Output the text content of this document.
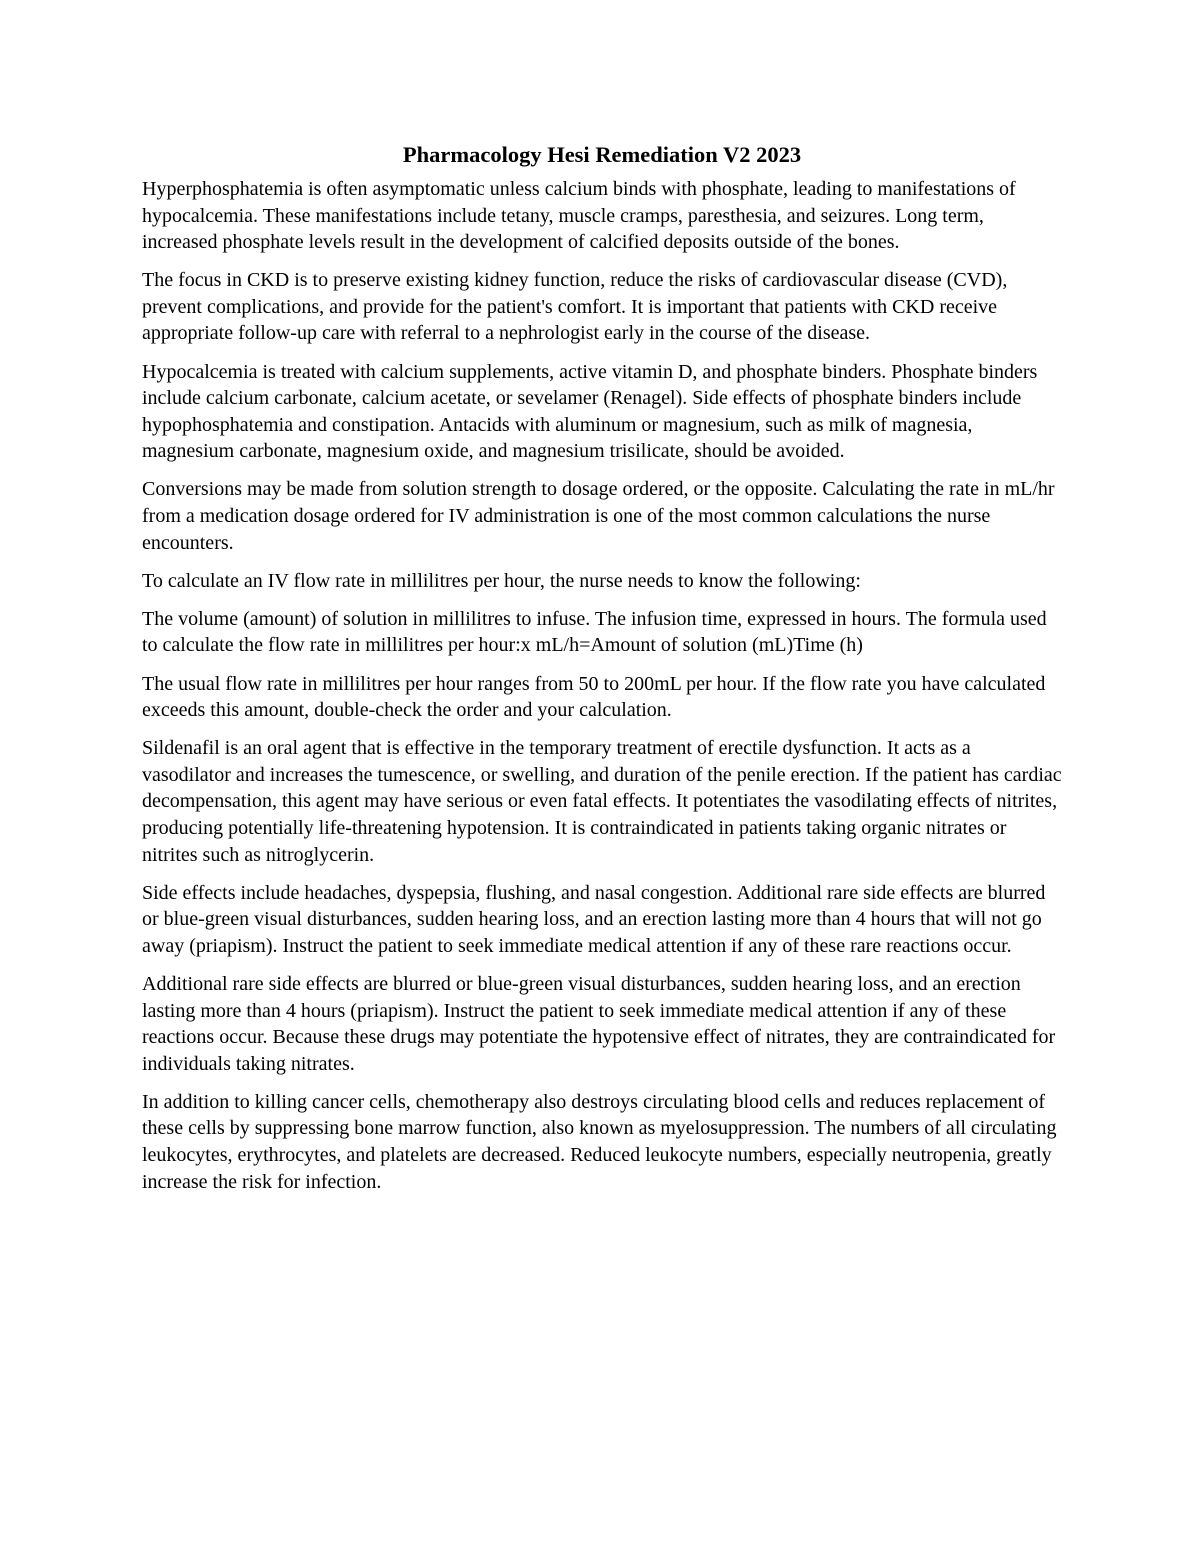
Pharmacology Hesi Remediation V2 2023

Hyperphosphatemia is often asymptomatic unless calcium binds with phosphate, leading to manifestations of hypocalcemia. These manifestations include tetany, muscle cramps, paresthesia, and seizures. Long term, increased phosphate levels result in the development of calcified deposits outside of the bones.

The focus in CKD is to preserve existing kidney function, reduce the risks of cardiovascular disease (CVD), prevent complications, and provide for the patient's comfort. It is important that patients with CKD receive appropriate follow-up care with referral to a nephrologist early in the course of the disease.

Hypocalcemia is treated with calcium supplements, active vitamin D, and phosphate binders. Phosphate binders include calcium carbonate, calcium acetate, or sevelamer (Renagel). Side effects of phosphate binders include hypophosphatemia and constipation. Antacids with aluminum or magnesium, such as milk of magnesia, magnesium carbonate, magnesium oxide, and magnesium trisilicate, should be avoided.

Conversions may be made from solution strength to dosage ordered, or the opposite. Calculating the rate in mL/hr from a medication dosage ordered for IV administration is one of the most common calculations the nurse encounters.

To calculate an IV flow rate in millilitres per hour, the nurse needs to know the following:

The volume (amount) of solution in millilitres to infuse. The infusion time, expressed in hours. The formula used to calculate the flow rate in millilitres per hour:x mL/h=Amount of solution (mL)Time (h)

The usual flow rate in millilitres per hour ranges from 50 to 200mL per hour. If the flow rate you have calculated exceeds this amount, double-check the order and your calculation.

Sildenafil is an oral agent that is effective in the temporary treatment of erectile dysfunction. It acts as a vasodilator and increases the tumescence, or swelling, and duration of the penile erection. If the patient has cardiac decompensation, this agent may have serious or even fatal effects. It potentiates the vasodilating effects of nitrites, producing potentially life-threatening hypotension. It is contraindicated in patients taking organic nitrates or nitrites such as nitroglycerin.

Side effects include headaches, dyspepsia, flushing, and nasal congestion. Additional rare side effects are blurred or blue-green visual disturbances, sudden hearing loss, and an erection lasting more than 4 hours that will not go away (priapism). Instruct the patient to seek immediate medical attention if any of these rare reactions occur.

Additional rare side effects are blurred or blue-green visual disturbances, sudden hearing loss, and an erection lasting more than 4 hours (priapism). Instruct the patient to seek immediate medical attention if any of these reactions occur. Because these drugs may potentiate the hypotensive effect of nitrates, they are contraindicated for individuals taking nitrates.

In addition to killing cancer cells, chemotherapy also destroys circulating blood cells and reduces replacement of these cells by suppressing bone marrow function, also known as myelosuppression. The numbers of all circulating leukocytes, erythrocytes, and platelets are decreased. Reduced leukocyte numbers, especially neutropenia, greatly increase the risk for infection.
